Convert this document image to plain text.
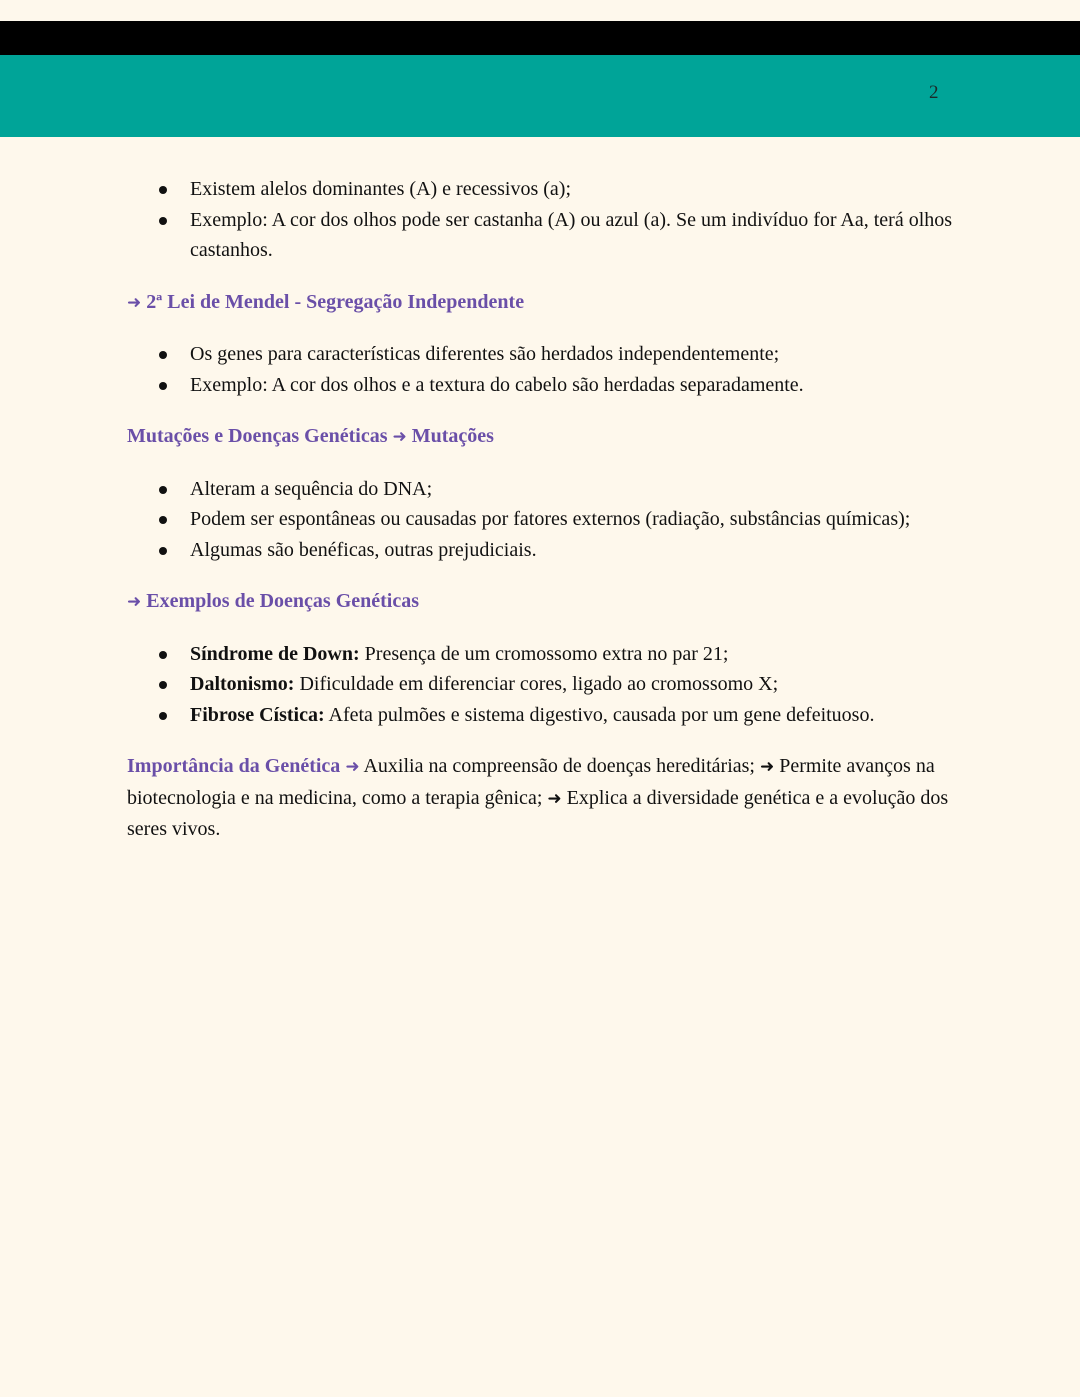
2
Existem alelos dominantes (A) e recessivos (a);
Exemplo: A cor dos olhos pode ser castanha (A) ou azul (a). Se um indivíduo for Aa, terá olhos castanhos.
➜ 2ª Lei de Mendel - Segregação Independente
Os genes para características diferentes são herdados independentemente;
Exemplo: A cor dos olhos e a textura do cabelo são herdadas separadamente.
Mutações e Doenças Genéticas ➜ Mutações
Alteram a sequência do DNA;
Podem ser espontâneas ou causadas por fatores externos (radiação, substâncias químicas);
Algumas são benéficas, outras prejudiciais.
➜ Exemplos de Doenças Genéticas
Síndrome de Down: Presença de um cromossomo extra no par 21;
Daltonismo: Dificuldade em diferenciar cores, ligado ao cromossomo X;
Fibrose Cística: Afeta pulmões e sistema digestivo, causada por um gene defeituoso.
Importância da Genética ➜ Auxilia na compreensão de doenças hereditárias; ➜ Permite avanços na biotecnologia e na medicina, como a terapia gênica; ➜ Explica a diversidade genética e a evolução dos seres vivos.
